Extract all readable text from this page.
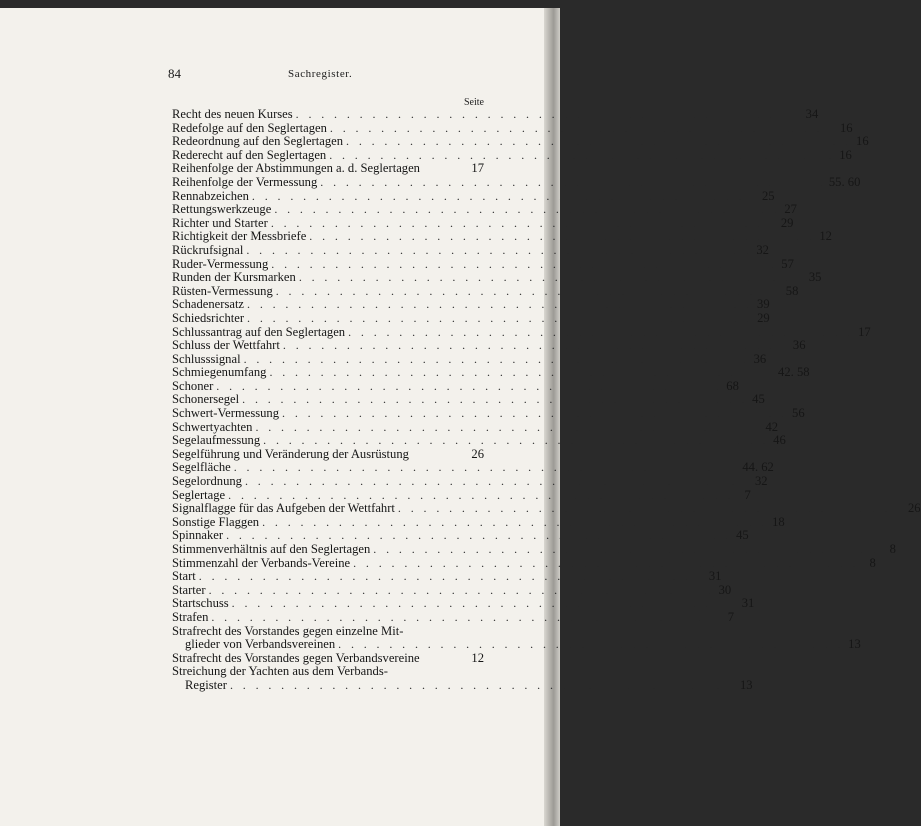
84	Sachregister.
Seite
Recht des neuen Kurses . . . . . . . . . . . . . . . . . . . . . . . . . . . . . . . . . . . . . . . . 34
Redefolge auf den Seglertagen . . . . . . . . . . . . . . . . . . . . . . . . . . . . . . . . . . . . . . . . 16
Redeordnung auf den Seglertagen . . . . . . . . . . . . . . . . . . . . . . . . . . . . . . . . . . . . . . . . 16
Rederecht auf den Seglertagen . . . . . . . . . . . . . . . . . . . . . . . . . . . . . . . . . . . . . . . . 16
Reihenfolge der Abstimmungen a. d. Seglertagen	17
Reihenfolge der Vermessung . . . . . . . . . . . . . . . . . . . . . . . . . . . . . . . . . . . . . . . . 55. 60
Rennabzeichen . . . . . . . . . . . . . . . . . . . . . . . . . . . . . . . . . . . . . . . . 25
Rettungswerkzeuge . . . . . . . . . . . . . . . . . . . . . . . . . . . . . . . . . . . . . . . . 27
Richter und Starter . . . . . . . . . . . . . . . . . . . . . . . . . . . . . . . . . . . . . . . . 29
Richtigkeit der Messbriefe . . . . . . . . . . . . . . . . . . . . . . . . . . . . . . . . . . . . . . . . 12
Rückrufsignal . . . . . . . . . . . . . . . . . . . . . . . . . . . . . . . . . . . . . . . . 32
Ruder-Vermessung . . . . . . . . . . . . . . . . . . . . . . . . . . . . . . . . . . . . . . . . 57
Runden der Kursmarken . . . . . . . . . . . . . . . . . . . . . . . . . . . . . . . . . . . . . . . . 35
Rüsten-Vermessung . . . . . . . . . . . . . . . . . . . . . . . . . . . . . . . . . . . . . . . . 58
Schadenersatz . . . . . . . . . . . . . . . . . . . . . . . . . . . . . . . . . . . . . . . . 39
Schiedsrichter . . . . . . . . . . . . . . . . . . . . . . . . . . . . . . . . . . . . . . . . 29
Schlussantrag auf den Seglertagen . . . . . . . . . . . . . . . . . . . . . . . . . . . . . . . . . . . . . . . . 17
Schluss der Wettfahrt . . . . . . . . . . . . . . . . . . . . . . . . . . . . . . . . . . . . . . . . 36
Schlusssignal . . . . . . . . . . . . . . . . . . . . . . . . . . . . . . . . . . . . . . . . 36
Schmiegenumfang . . . . . . . . . . . . . . . . . . . . . . . . . . . . . . . . . . . . . . . . 42. 58
Schoner . . . . . . . . . . . . . . . . . . . . . . . . . . . . . . . . . . . . . . . . 68
Schonersegel . . . . . . . . . . . . . . . . . . . . . . . . . . . . . . . . . . . . . . . . 45
Schwert-Vermessung . . . . . . . . . . . . . . . . . . . . . . . . . . . . . . . . . . . . . . . . 56
Schwertyachten . . . . . . . . . . . . . . . . . . . . . . . . . . . . . . . . . . . . . . . . 42
Segelaufmessung . . . . . . . . . . . . . . . . . . . . . . . . . . . . . . . . . . . . . . . . 46
Segelführung und Veränderung der Ausrüstung	26
Segelfläche . . . . . . . . . . . . . . . . . . . . . . . . . . . . . . . . . . . . . . . . 44. 62
Segelordnung . . . . . . . . . . . . . . . . . . . . . . . . . . . . . . . . . . . . . . . . 32
Seglertage . . . . . . . . . . . . . . . . . . . . . . . . . . . . . . . . . . . . . . . . 7
Signalflagge für das Aufgeben der Wettfahrt . . . . . . . . . . . . . . . . . . . . . . . . . . . . . . . . . . . . . . . . 26
Sonstige Flaggen . . . . . . . . . . . . . . . . . . . . . . . . . . . . . . . . . . . . . . . . 18
Spinnaker . . . . . . . . . . . . . . . . . . . . . . . . . . . . . . . . . . . . . . . . 45
Stimmenverhältnis auf den Seglertagen . . . . . . . . . . . . . . . . . . . . . . . . . . . . . . . . . . . . . . . . 8
Stimmenzahl der Verbands-Vereine . . . . . . . . . . . . . . . . . . . . . . . . . . . . . . . . . . . . . . . . 8
Start . . . . . . . . . . . . . . . . . . . . . . . . . . . . . . . . . . . . . . . . 31
Starter . . . . . . . . . . . . . . . . . . . . . . . . . . . . . . . . . . . . . . . . 30
Startschuss . . . . . . . . . . . . . . . . . . . . . . . . . . . . . . . . . . . . . . . . 31
Strafen . . . . . . . . . . . . . . . . . . . . . . . . . . . . . . . . . . . . . . . . 7
Strafrecht des Vorstandes gegen einzelne Mit-
glieder von Verbandsvereinen . . . . . . . . . . . . . . . . . . . . . . . . . . . . . . . . . . . . . . . . 13
Strafrecht des Vorstandes gegen Verbandsvereine	12
Streichung der Yachten aus dem Verbands-
Register . . . . . . . . . . . . . . . . . . . . . . . . . . . . . . . . . . . . . . . . 13
